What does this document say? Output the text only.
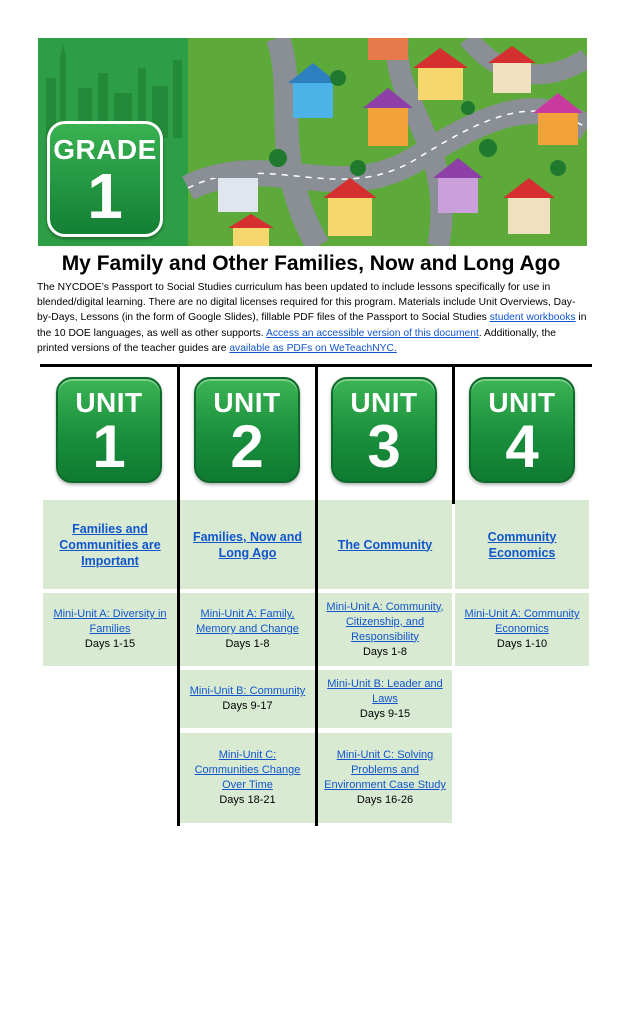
GRADE
1
My Family and Other Families, Now and Long Ago
The NYCDOE’s Passport to Social Studies curriculum has been updated to include lessons specifically for use in blended/digital learning. There are no digital licenses required for this program. Materials include Unit Overviews, Day-by-Days, Lessons (in the form of Google Slides), fillable PDF files of the Passport to Social Studies student workbooks in the 10 DOE languages, as well as other supports. Access an accessible version of this document. Additionally, the printed versions of the teacher guides are available as PDFs on WeTeachNYC.
UNIT
1
UNIT
2
UNIT
3
UNIT
4
Families and Communities are Important
Families, Now and Long Ago
The Community
Community Economics
Mini-Unit A: Diversity in Families
Days 1-15
Mini-Unit A: Family, Memory and Change
Days 1-8
Mini-Unit A: Community, Citizenship, and Responsibility
Days 1-8
Mini-Unit A: Community Economics
Days 1-10
Mini-Unit B: Community
Days 9-17
Mini-Unit B: Leader and Laws
Days 9-15
Mini-Unit C: Communities Change Over Time
Days 18-21
Mini-Unit C: Solving Problems and Environment Case Study
Days 16-26
